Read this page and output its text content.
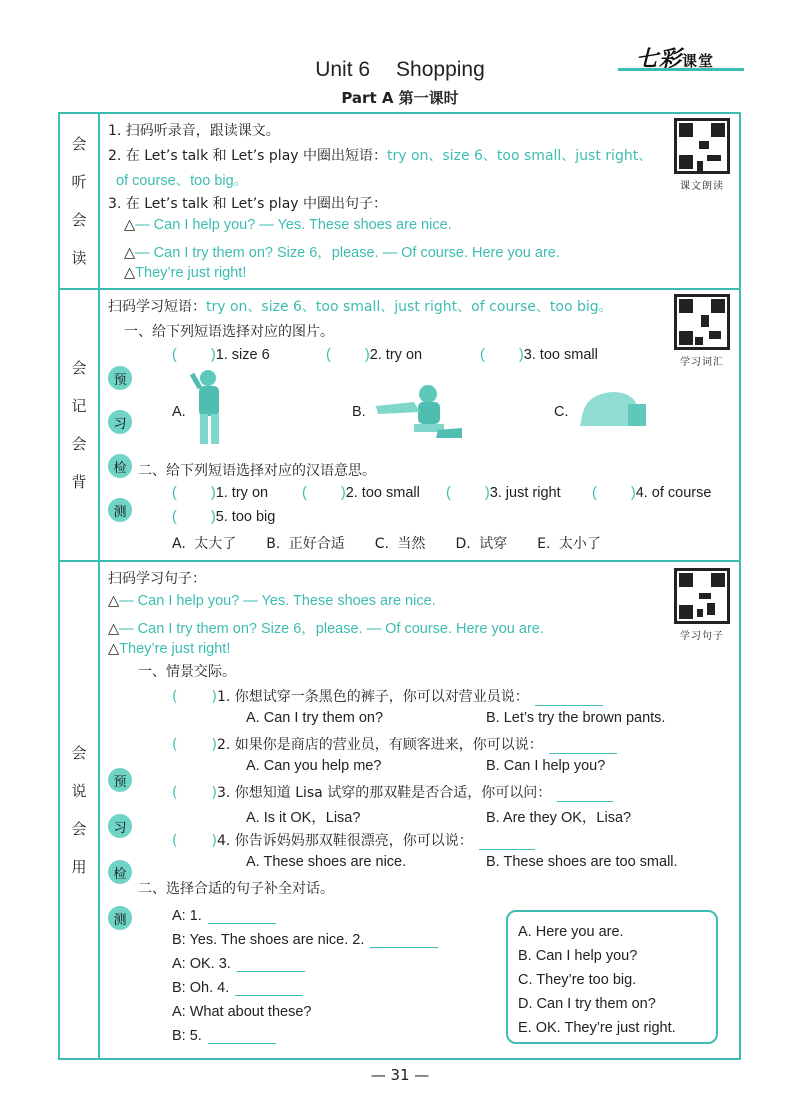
Unit 6 Shopping
Part A 第一课时
七彩课堂
会
听
会
读
1. 扫码听录音，跟读课文。
2. 在 Let’s talk 和 Let’s play 中圈出短语：try on、size 6、too small、just right、
of course、too big。
3. 在 Let’s talk 和 Let’s play 中圈出句子：
△— Can I help you? — Yes. These shoes are nice.
△— Can I try them on? Size 6，please. — Of course. Here you are.
△They’re just right!
课文朗读
会
记
会
背
预
习
检
测
扫码学习短语：try on、size 6、too small、just right、of course、too big。
一、给下列短语选择对应的图片。
( )1. size 6	( )2. try on	( )3. too small
A.	B.	C.
二、给下列短语选择对应的汉语意思。
( )1. try on ( )2. too small ( )3. just right ( )4. of course
( )5. too big
A. 太大了 B. 正好合适 C. 当然 D. 试穿 E. 太小了
学习词汇
会
说
会
用
预
习
检
测
扫码学习句子：
△— Can I help you? — Yes. These shoes are nice.
△— Can I try them on? Size 6，please. — Of course. Here you are.
△They’re just right!
一、情景交际。
( )1. 你想试穿一条黑色的裤子，你可以对营业员说：
A. Can I try them on?	B. Let’s try the brown pants.
( )2. 如果你是商店的营业员，有顾客进来，你可以说：
A. Can you help me?	B. Can I help you?
( )3. 你想知道 Lisa 试穿的那双鞋是否合适，你可以问：
A. Is it OK，Lisa?	B. Are they OK，Lisa?
( )4. 你告诉妈妈那双鞋很漂亮，你可以说：
A. These shoes are nice.	B. These shoes are too small.
二、选择合适的句子补全对话。
A: 1.
B: Yes. The shoes are nice. 2.
A: OK. 3.
B: Oh. 4.
A: What about these?
B: 5.
A. Here you are.
B. Can I help you?
C. They’re too big.
D. Can I try them on?
E. OK. They’re just right.
学习句子
— 31 —
